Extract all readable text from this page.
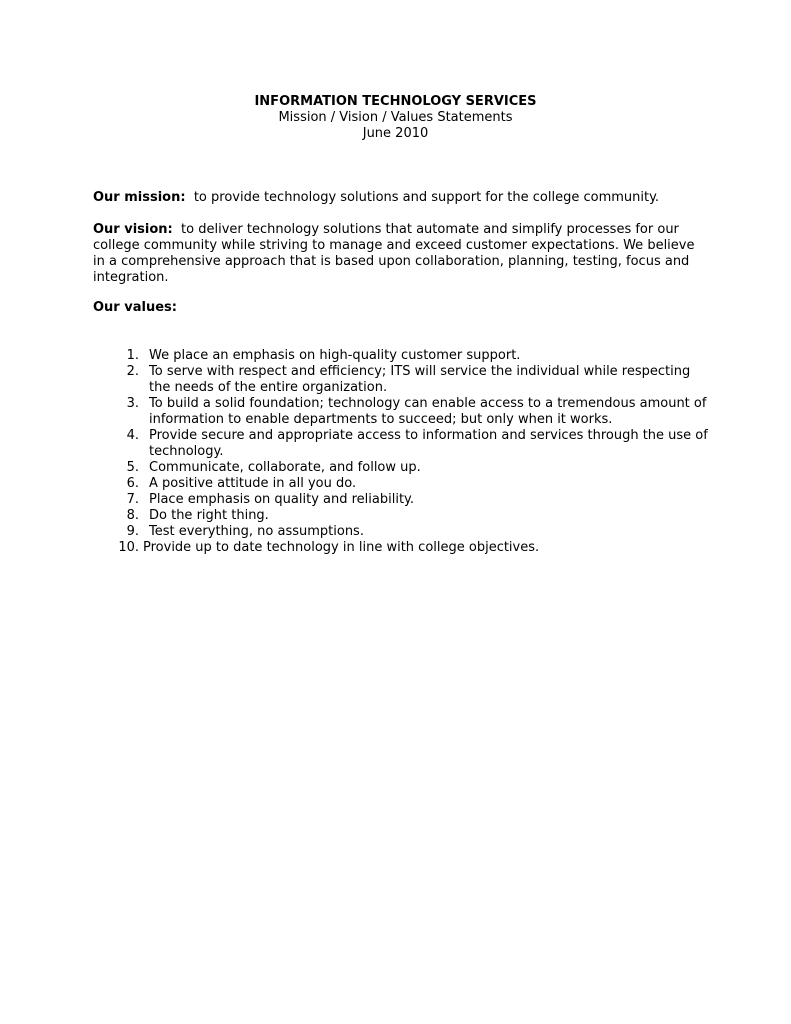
INFORMATION TECHNOLOGY SERVICES
Mission / Vision / Values Statements
June 2010

Our mission: to provide technology solutions and support for the college community.

Our vision: to deliver technology solutions that automate and simplify processes for our college community while striving to manage and exceed customer expectations. We believe in a comprehensive approach that is based upon collaboration, planning, testing, focus and integration.

Our values:

1. We place an emphasis on high-quality customer support.
2. To serve with respect and efficiency; ITS will service the individual while respecting the needs of the entire organization.
3. To build a solid foundation; technology can enable access to a tremendous amount of information to enable departments to succeed; but only when it works.
4. Provide secure and appropriate access to information and services through the use of technology.
5. Communicate, collaborate, and follow up.
6. A positive attitude in all you do.
7. Place emphasis on quality and reliability.
8. Do the right thing.
9. Test everything, no assumptions.
10. Provide up to date technology in line with college objectives.
